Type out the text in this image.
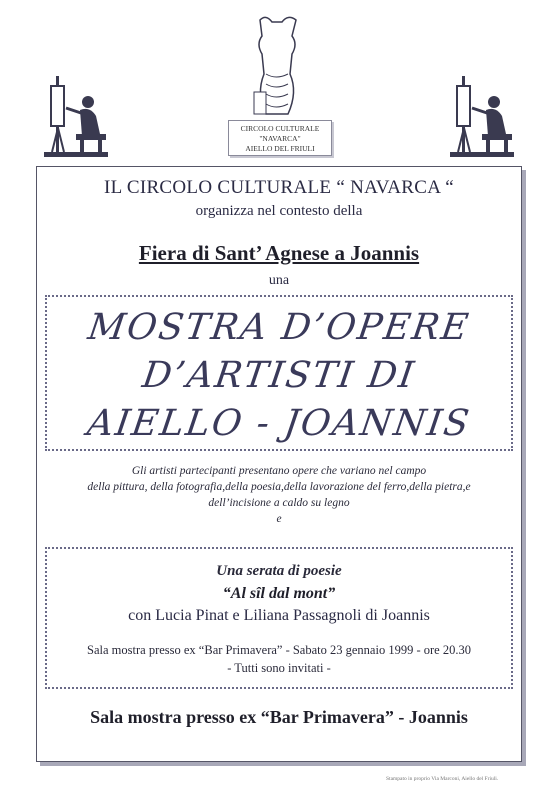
CIRCOLO CULTURALE
"NAVARCA"
AIELLO DEL FRIULI
IL CIRCOLO CULTURALE “ NAVARCA “
organizza nel contesto della
Fiera di Sant’ Agnese a Joannis
una
MOSTRA D’OPERE
D’ARTISTI DI
AIELLO - JOANNIS
Gli artisti partecipanti presentano opere che variano nel campo
della pittura, della fotografia,della poesia,della lavorazione del ferro,della pietra,e
dell’incisione a caldo su legno
e
Una serata di poesie
“Al sîl dal mont”
con Lucia Pinat e Liliana Passagnoli di Joannis
Sala mostra presso ex “Bar Primavera” - Sabato 23 gennaio 1999 - ore 20.30
- Tutti sono invitati -
Sala mostra presso ex “Bar Primavera” - Joannis
Stampato in proprio Via Marconi, Aiello del Friuli.
